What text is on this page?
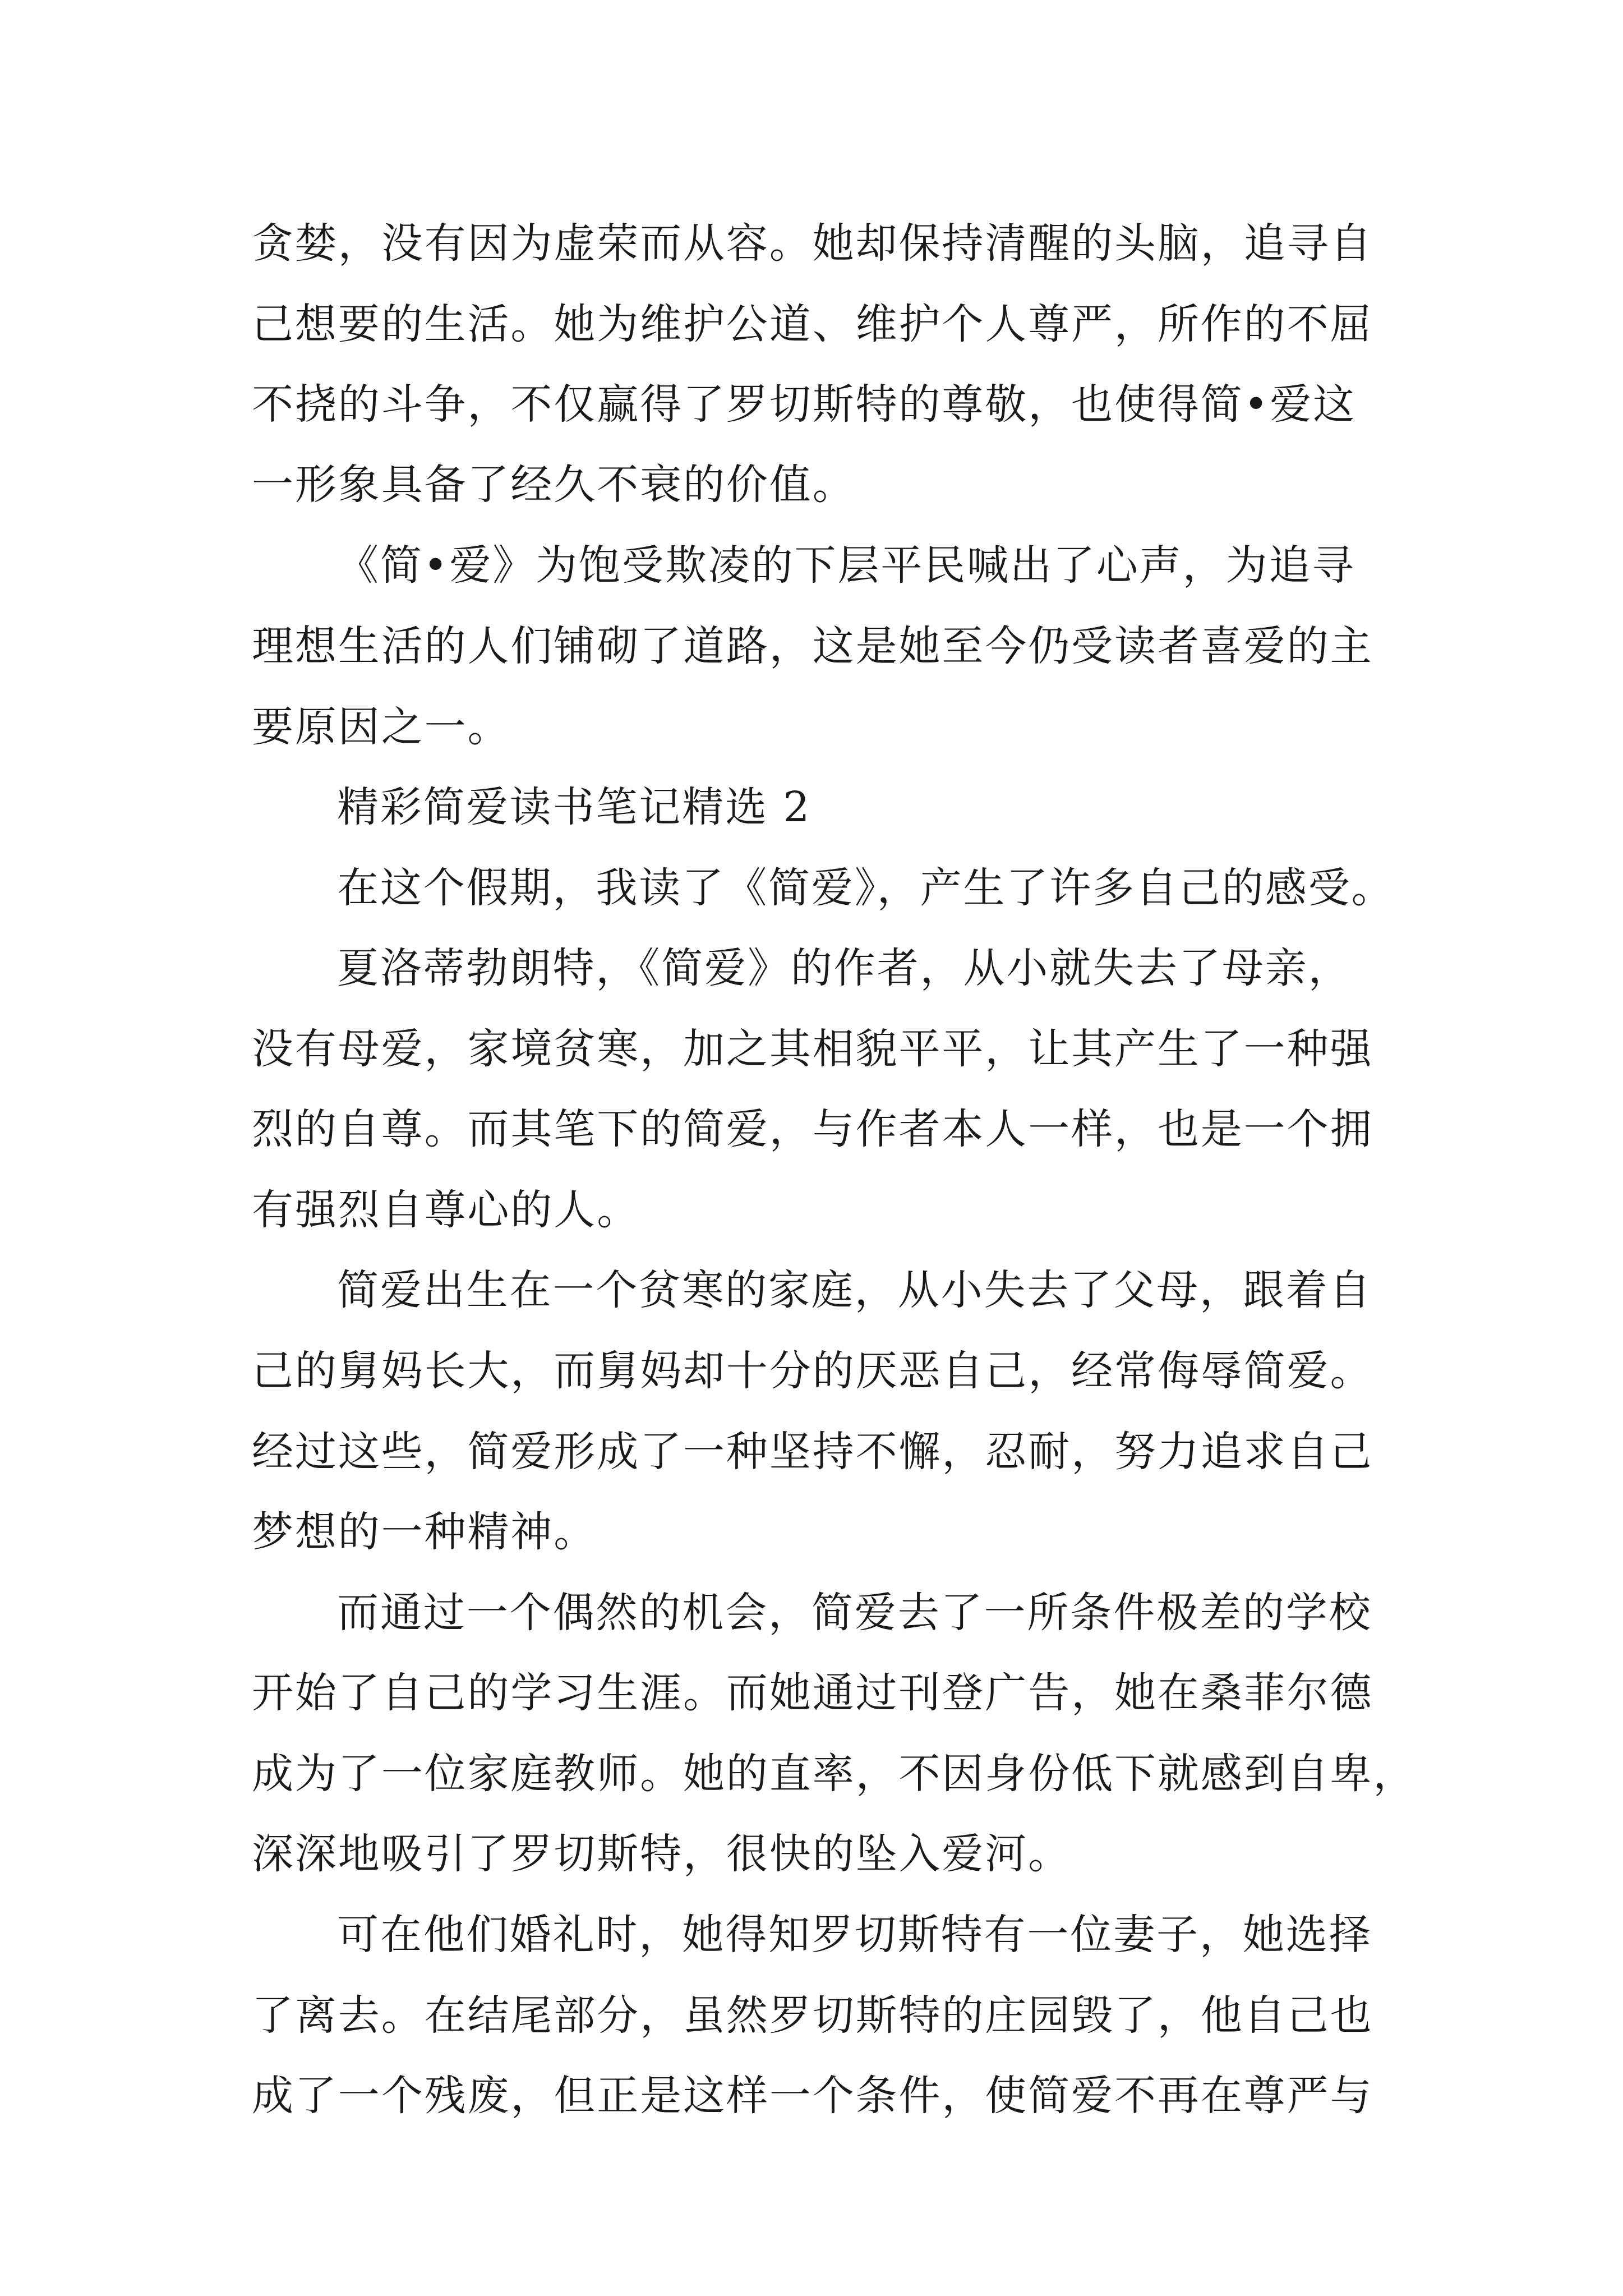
贪婪，没有因为虚荣而从容。她却保持清醒的头脑，追寻自
己想要的生活。她为维护公道、维护个人尊严，所作的不屈
不挠的斗争，不仅赢得了罗切斯特的尊敬，也使得简•爱这
一形象具备了经久不衰的价值。
《简•爱》为饱受欺凌的下层平民喊出了心声，为追寻
理想生活的人们铺砌了道路，这是她至今仍受读者喜爱的主
要原因之一。
精彩简爱读书笔记精选 2
在这个假期，我读了《简爱》，产生了许多自己的感受。
夏洛蒂勃朗特，《简爱》的作者，从小就失去了母亲，
没有母爱，家境贫寒，加之其相貌平平，让其产生了一种强
烈的自尊。而其笔下的简爱，与作者本人一样，也是一个拥
有强烈自尊心的人。
简爱出生在一个贫寒的家庭，从小失去了父母，跟着自
己的舅妈长大，而舅妈却十分的厌恶自己，经常侮辱简爱。
经过这些，简爱形成了一种坚持不懈，忍耐，努力追求自己
梦想的一种精神。
而通过一个偶然的机会，简爱去了一所条件极差的学校
开始了自己的学习生涯。而她通过刊登广告，她在桑菲尔德
成为了一位家庭教师。她的直率，不因身份低下就感到自卑，
深深地吸引了罗切斯特，很快的坠入爱河。
可在他们婚礼时，她得知罗切斯特有一位妻子，她选择
了离去。在结尾部分，虽然罗切斯特的庄园毁了，他自己也
成了一个残废，但正是这样一个条件，使简爱不再在尊严与
